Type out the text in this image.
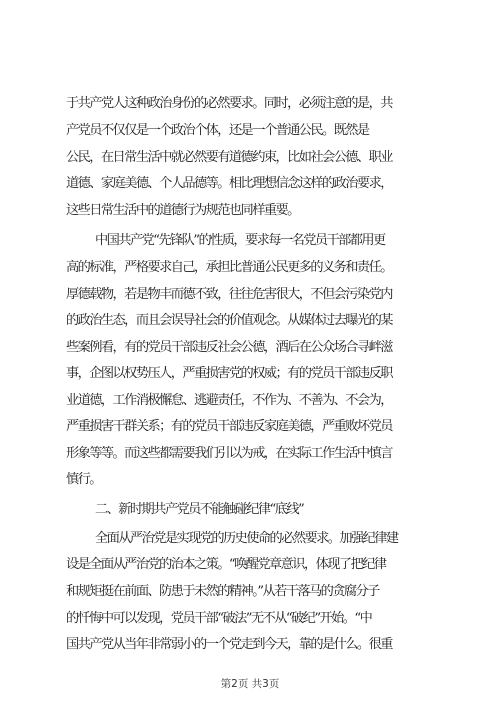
于共产党人这种政治身份的必然要求。同时，必须注意的是，共
产党员不仅仅是一个政治个体，还是一个普通公民。既然是
公民，在日常生活中就必然要有道德约束，比如社会公德、职业
道德、家庭美德、个人品德等。相比理想信念这样的政治要求，
这些日常生活中的道德行为规范也同样重要。
中国共产党“先锋队”的性质，要求每一名党员干部都用更
高的标准，严格要求自己，承担比普通公民更多的义务和责任。
厚德载物，若是物丰而德不致，往往危害很大，不但会污染党内
的政治生态，而且会误导社会的价值观念。从媒体过去曝光的某
些案例看，有的党员干部违反社会公德，酒后在公众场合寻衅滋
事，企图以权势压人，严重损害党的权威；有的党员干部违反职
业道德，工作消极懈怠、逃避责任，不作为、不善为、不会为，
严重损害干群关系；有的党员干部违反家庭美德，严重败坏党员
形象等等。而这些都需要我们引以为戒，在实际工作生活中慎言
慎行。
二、新时期共产党员不能触碰纪律“底线”
全面从严治党是实现党的历史使命的必然要求。加强纪律建
设是全面从严治党的治本之策。“唤醒党章意识，体现了把纪律
和规矩挺在前面、防患于未然的精神。”从若干落马的贪腐分子
的忏悔中可以发现，党员干部“破法”无不从“破纪”开始。“中
国共产党从当年非常弱小的一个党走到今天，靠的是什么。很重
第2页 共3页
